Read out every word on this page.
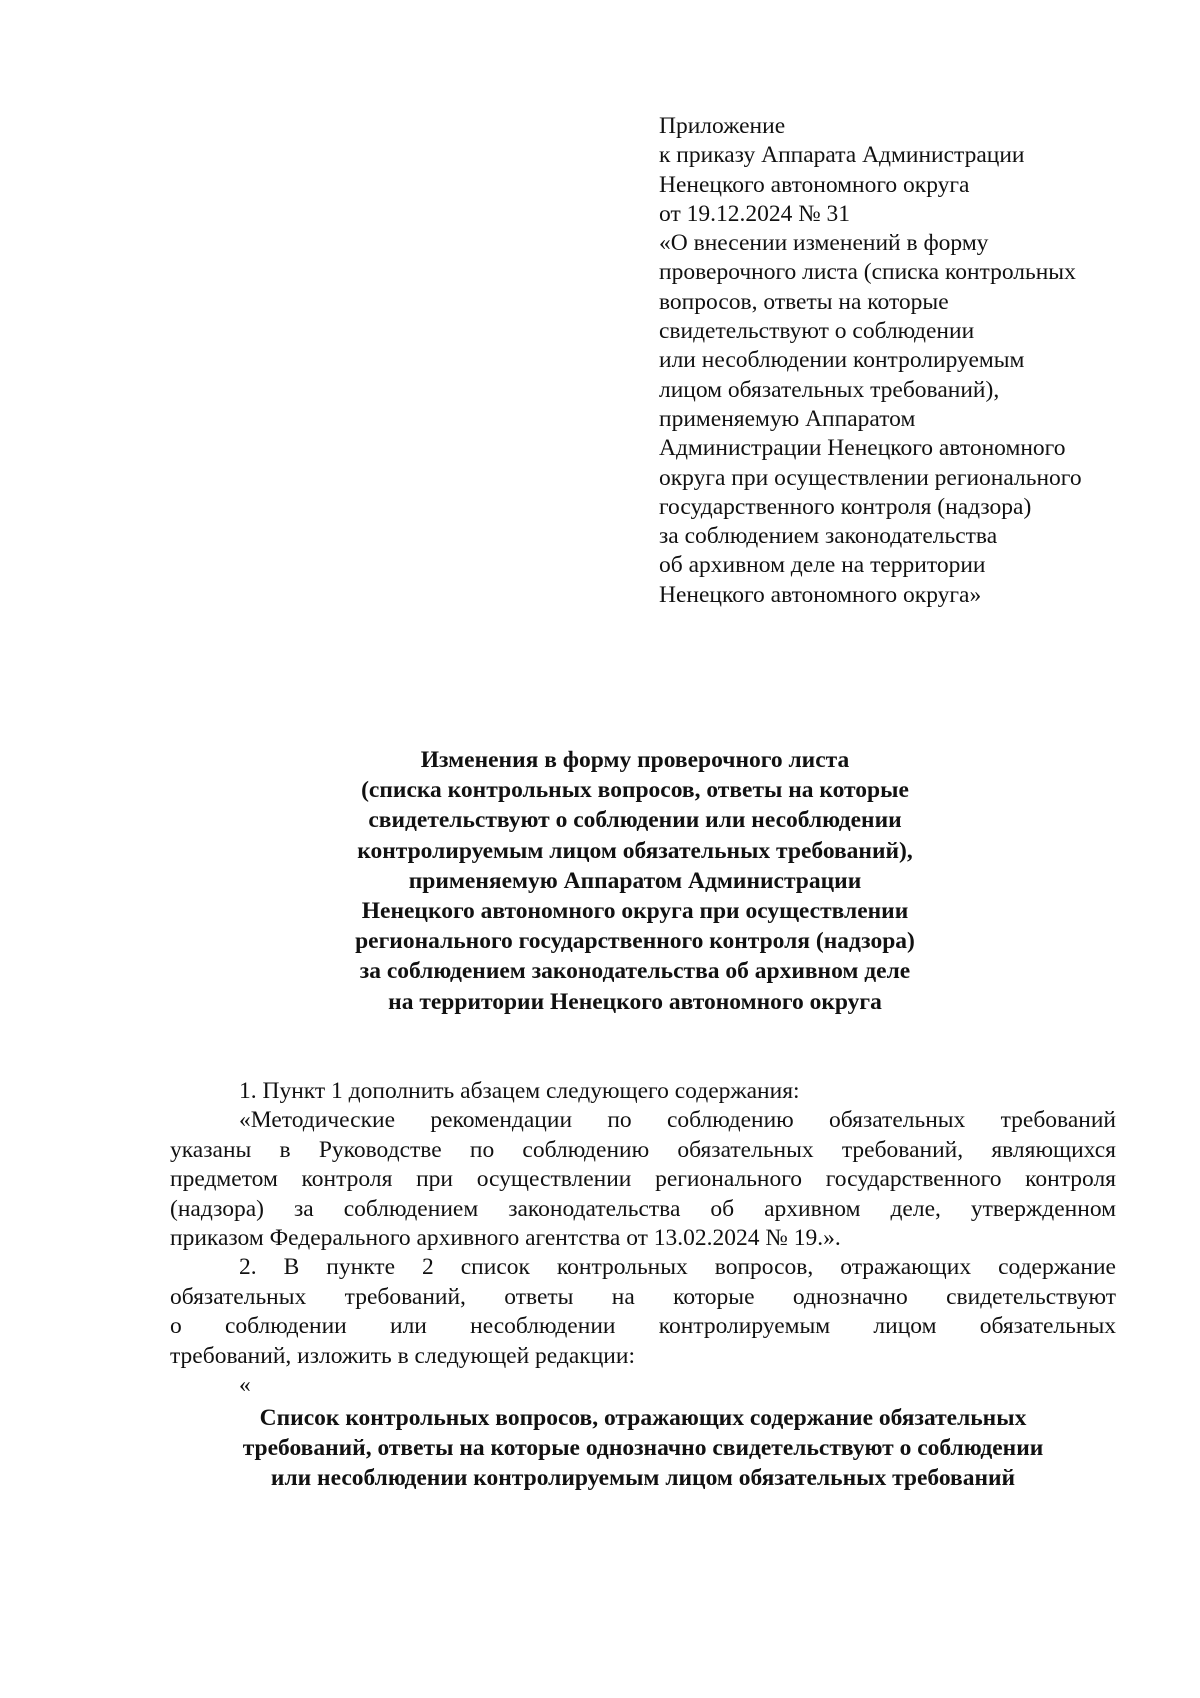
Приложение
к приказу Аппарата Администрации
Ненецкого автономного округа
от 19.12.2024 № 31
«О внесении изменений в форму
проверочного листа (списка контрольных
вопросов, ответы на которые
свидетельствуют о соблюдении
или несоблюдении контролируемым
лицом обязательных требований),
применяемую Аппаратом
Администрации Ненецкого автономного
округа при осуществлении регионального
государственного контроля (надзора)
за соблюдением законодательства
об архивном деле на территории
Ненецкого автономного округа»
Изменения в форму проверочного листа
(списка контрольных вопросов, ответы на которые
свидетельствуют о соблюдении или несоблюдении
контролируемым лицом обязательных требований),
применяемую Аппаратом Администрации
Ненецкого автономного округа при осуществлении
регионального государственного контроля (надзора)
за соблюдением законодательства об архивном деле
на территории Ненецкого автономного округа
1. Пункт 1 дополнить абзацем следующего содержания:
«Методические рекомендации по соблюдению обязательных требований
указаны в Руководстве по соблюдению обязательных требований, являющихся
предметом контроля при осуществлении регионального государственного контроля
(надзора) за соблюдением законодательства об архивном деле, утвержденном
приказом Федерального архивного агентства от 13.02.2024 № 19.».
2. В пункте 2 список контрольных вопросов, отражающих содержание
обязательных требований, ответы на которые однозначно свидетельствуют
о соблюдении или несоблюдении контролируемым лицом обязательных
требований, изложить в следующей редакции:
«
Список контрольных вопросов, отражающих содержание обязательных
требований, ответы на которые однозначно свидетельствуют о соблюдении
или несоблюдении контролируемым лицом обязательных требований
